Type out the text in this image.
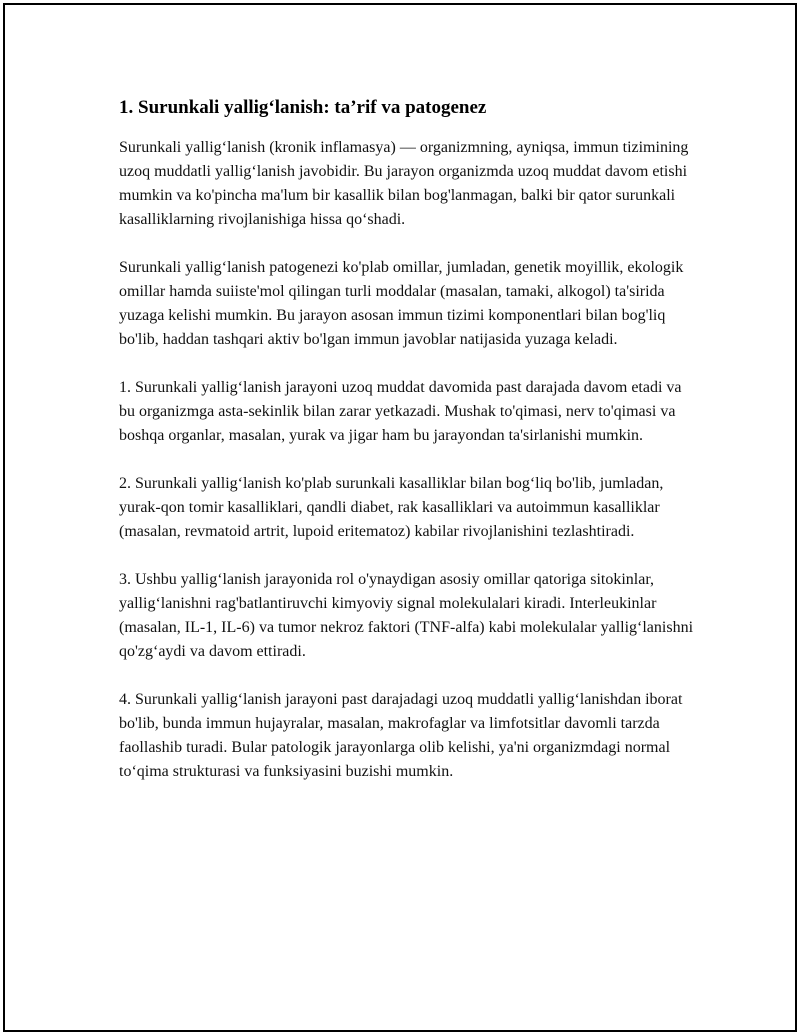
1. Surunkali yallig‘lanish: ta’rif va patogenez

Surunkali yallig‘lanish (kronik inflamasya) — organizmning, ayniqsa, immun tizimining uzoq muddatli yallig‘lanish javobidir. Bu jarayon organizmda uzoq muddat davom etishi mumkin va ko'pincha ma'lum bir kasallik bilan bog'lanmagan, balki bir qator surunkali kasalliklarning rivojlanishiga hissa qo‘shadi.

Surunkali yallig‘lanish patogenezi ko'plab omillar, jumladan, genetik moyillik, ekologik omillar hamda suiiste'mol qilingan turli moddalar (masalan, tamaki, alkogol) ta'sirida yuzaga kelishi mumkin. Bu jarayon asosan immun tizimi komponentlari bilan bog'liq bo'lib, haddan tashqari aktiv bo'lgan immun javoblar natijasida yuzaga keladi.

1. Surunkali yallig‘lanish jarayoni uzoq muddat davomida past darajada davom etadi va bu organizmga asta-sekinlik bilan zarar yetkazadi. Mushak to'qimasi, nerv to'qimasi va boshqa organlar, masalan, yurak va jigar ham bu jarayondan ta'sirlanishi mumkin.

2. Surunkali yallig‘lanish ko'plab surunkali kasalliklar bilan bog‘liq bo'lib, jumladan, yurak-qon tomir kasalliklari, qandli diabet, rak kasalliklari va autoimmun kasalliklar (masalan, revmatoid artrit, lupoid eritematoz) kabilar rivojlanishini tezlashtiradi.

3. Ushbu yallig‘lanish jarayonida rol o'ynaydigan asosiy omillar qatoriga sitokinlar, yallig‘lanishni rag'batlantiruvchi kimyoviy signal molekulalari kiradi. Interleukinlar (masalan, IL-1, IL-6) va tumor nekroz faktori (TNF-alfa) kabi molekulalar yallig‘lanishni qo'zg‘aydi va davom ettiradi.

4. Surunkali yallig‘lanish jarayoni past darajadagi uzoq muddatli yallig‘lanishdan iborat bo'lib, bunda immun hujayralar, masalan, makrofaglar va limfotsitlar davomli tarzda faollashib turadi. Bular patologik jarayonlarga olib kelishi, ya'ni organizmdagi normal to‘qima strukturasi va funksiyasini buzishi mumkin.
